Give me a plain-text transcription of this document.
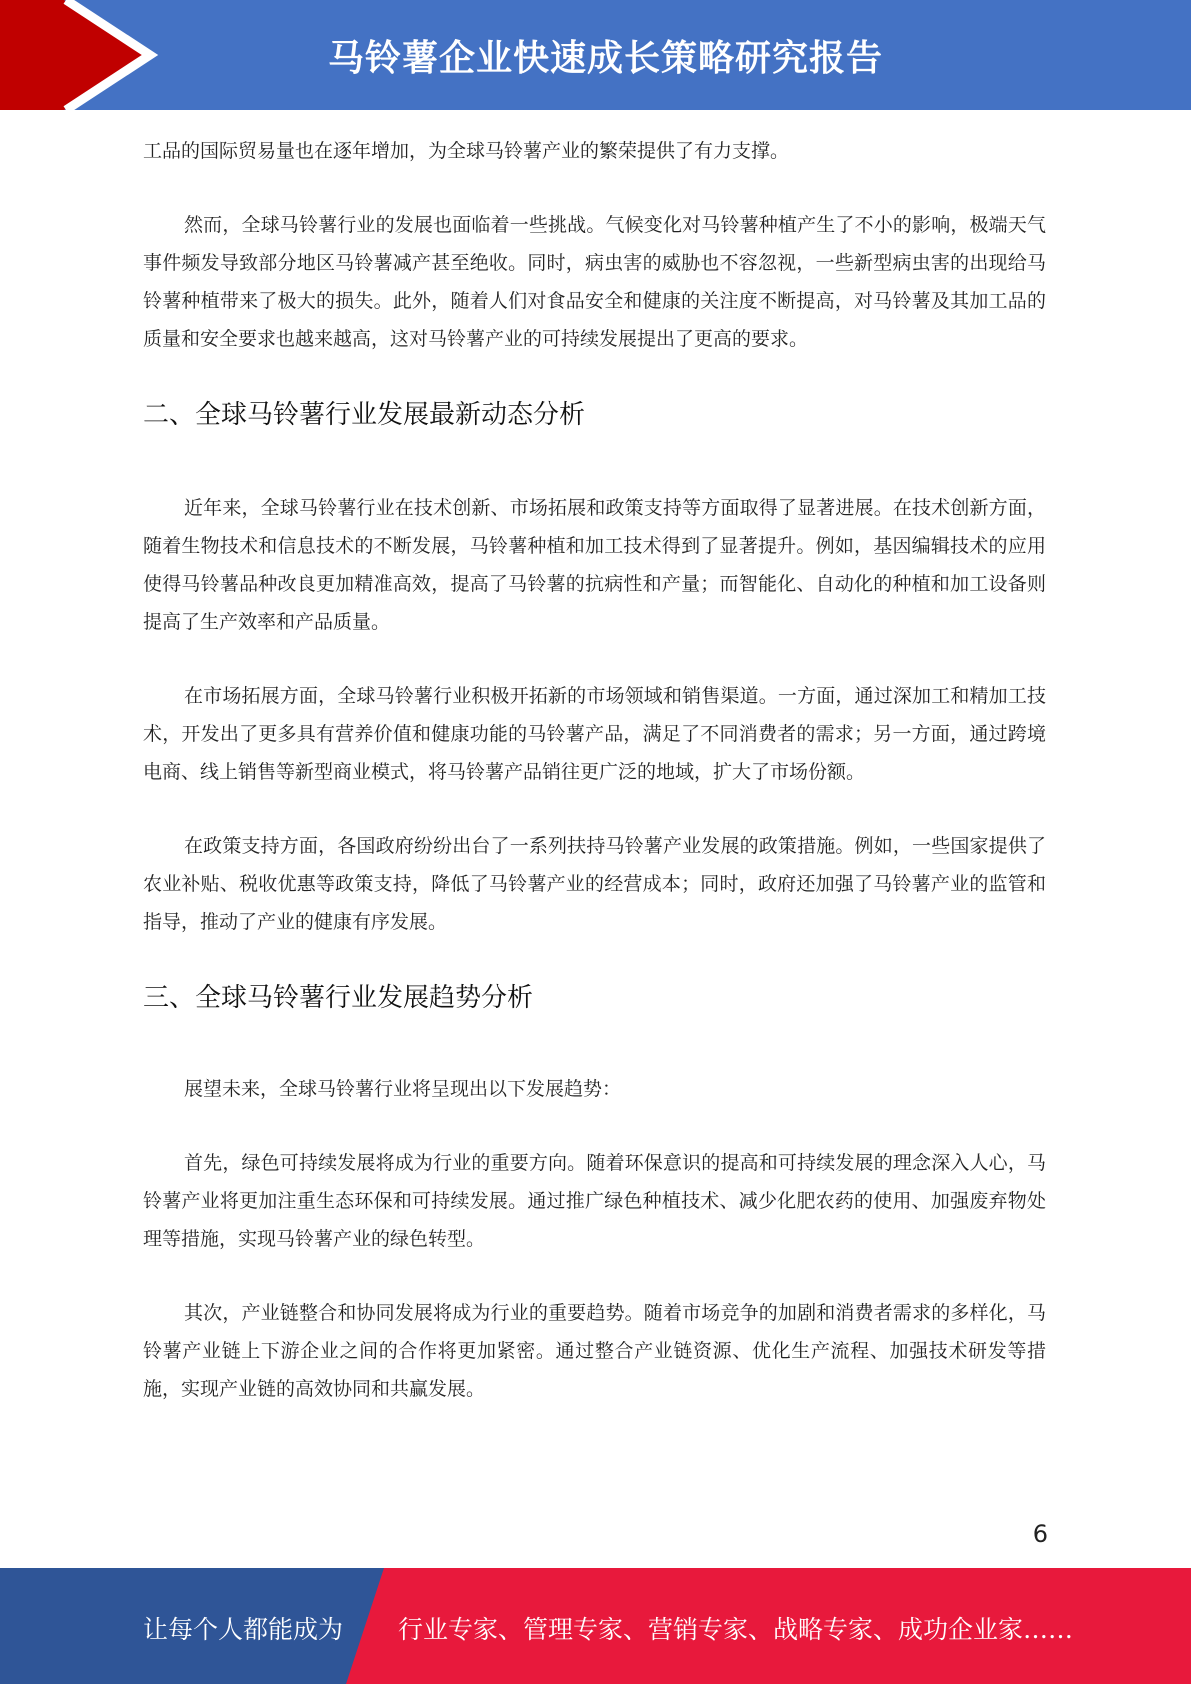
马铃薯企业快速成长策略研究报告

工品的国际贸易量也在逐年增加，为全球马铃薯产业的繁荣提供了有力支撑。

然而，全球马铃薯行业的发展也面临着一些挑战。气候变化对马铃薯种植产生了不小的影响，极端天气事件频发导致部分地区马铃薯减产甚至绝收。同时，病虫害的威胁也不容忽视，一些新型病虫害的出现给马铃薯种植带来了极大的损失。此外，随着人们对食品安全和健康的关注度不断提高，对马铃薯及其加工品的质量和安全要求也越来越高，这对马铃薯产业的可持续发展提出了更高的要求。

二、全球马铃薯行业发展最新动态分析

近年来，全球马铃薯行业在技术创新、市场拓展和政策支持等方面取得了显著进展。在技术创新方面，随着生物技术和信息技术的不断发展，马铃薯种植和加工技术得到了显著提升。例如，基因编辑技术的应用使得马铃薯品种改良更加精准高效，提高了马铃薯的抗病性和产量；而智能化、自动化的种植和加工设备则提高了生产效率和产品质量。

在市场拓展方面，全球马铃薯行业积极开拓新的市场领域和销售渠道。一方面，通过深加工和精加工技术，开发出了更多具有营养价值和健康功能的马铃薯产品，满足了不同消费者的需求；另一方面，通过跨境电商、线上销售等新型商业模式，将马铃薯产品销往更广泛的地域，扩大了市场份额。

在政策支持方面，各国政府纷纷出台了一系列扶持马铃薯产业发展的政策措施。例如，一些国家提供了农业补贴、税收优惠等政策支持，降低了马铃薯产业的经营成本；同时，政府还加强了马铃薯产业的监管和指导，推动了产业的健康有序发展。

三、全球马铃薯行业发展趋势分析

展望未来，全球马铃薯行业将呈现出以下发展趋势：

首先，绿色可持续发展将成为行业的重要方向。随着环保意识的提高和可持续发展的理念深入人心，马铃薯产业将更加注重生态环保和可持续发展。通过推广绿色种植技术、减少化肥农药的使用、加强废弃物处理等措施，实现马铃薯产业的绿色转型。

其次，产业链整合和协同发展将成为行业的重要趋势。随着市场竞争的加剧和消费者需求的多样化，马铃薯产业链上下游企业之间的合作将更加紧密。通过整合产业链资源、优化生产流程、加强技术研发等措施，实现产业链的高效协同和共赢发展。

6
让每个人都能成为 行业专家、管理专家、营销专家、战略专家、成功企业家……
